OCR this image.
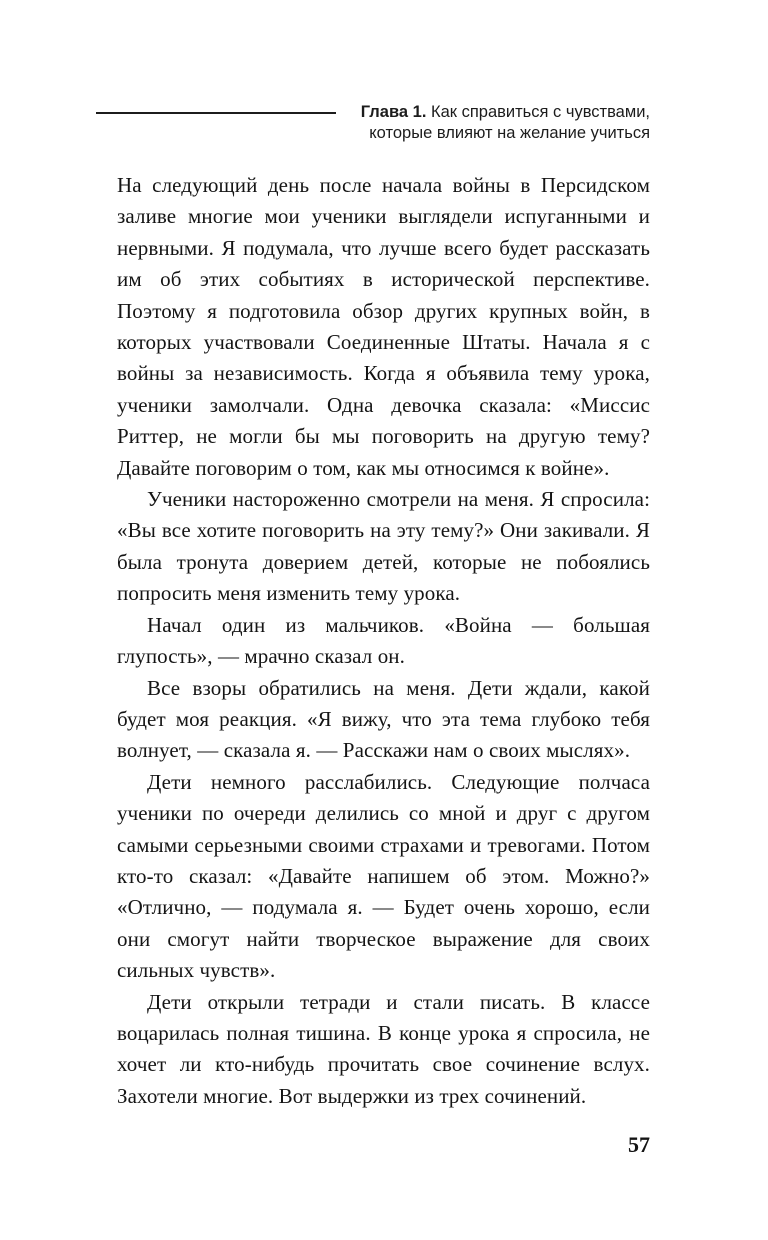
Глава 1. Как справиться с чувствами,
которые влияют на желание учиться

На следующий день после начала войны в Персидском заливе многие мои ученики выглядели испуганными и нервными. Я подумала, что лучше всего будет рассказать им об этих событиях в исторической перспективе. Поэтому я подготовила обзор других крупных войн, в которых участвовали Соединенные Штаты. Начала я с войны за независимость. Когда я объявила тему урока, ученики замолчали. Одна девочка сказала: «Миссис Риттер, не могли бы мы поговорить на другую тему? Давайте поговорим о том, как мы относимся к войне».

Ученики настороженно смотрели на меня. Я спросила: «Вы все хотите поговорить на эту тему?» Они закивали. Я была тронута доверием детей, которые не побоялись попросить меня изменить тему урока.

Начал один из мальчиков. «Война — большая глупость», — мрачно сказал он.

Все взоры обратились на меня. Дети ждали, какой будет моя реакция. «Я вижу, что эта тема глубоко тебя волнует, — сказала я. — Расскажи нам о своих мыслях».

Дети немного расслабились. Следующие полчаса ученики по очереди делились со мной и друг с другом самыми серьезными своими страхами и тревогами. Потом кто-то сказал: «Давайте напишем об этом. Можно?» «Отлично, — подумала я. — Будет очень хорошо, если они смогут найти творческое выражение для своих сильных чувств».

Дети открыли тетради и стали писать. В классе воцарилась полная тишина. В конце урока я спросила, не хочет ли кто-нибудь прочитать свое сочинение вслух. Захотели многие. Вот выдержки из трех сочинений.

57
